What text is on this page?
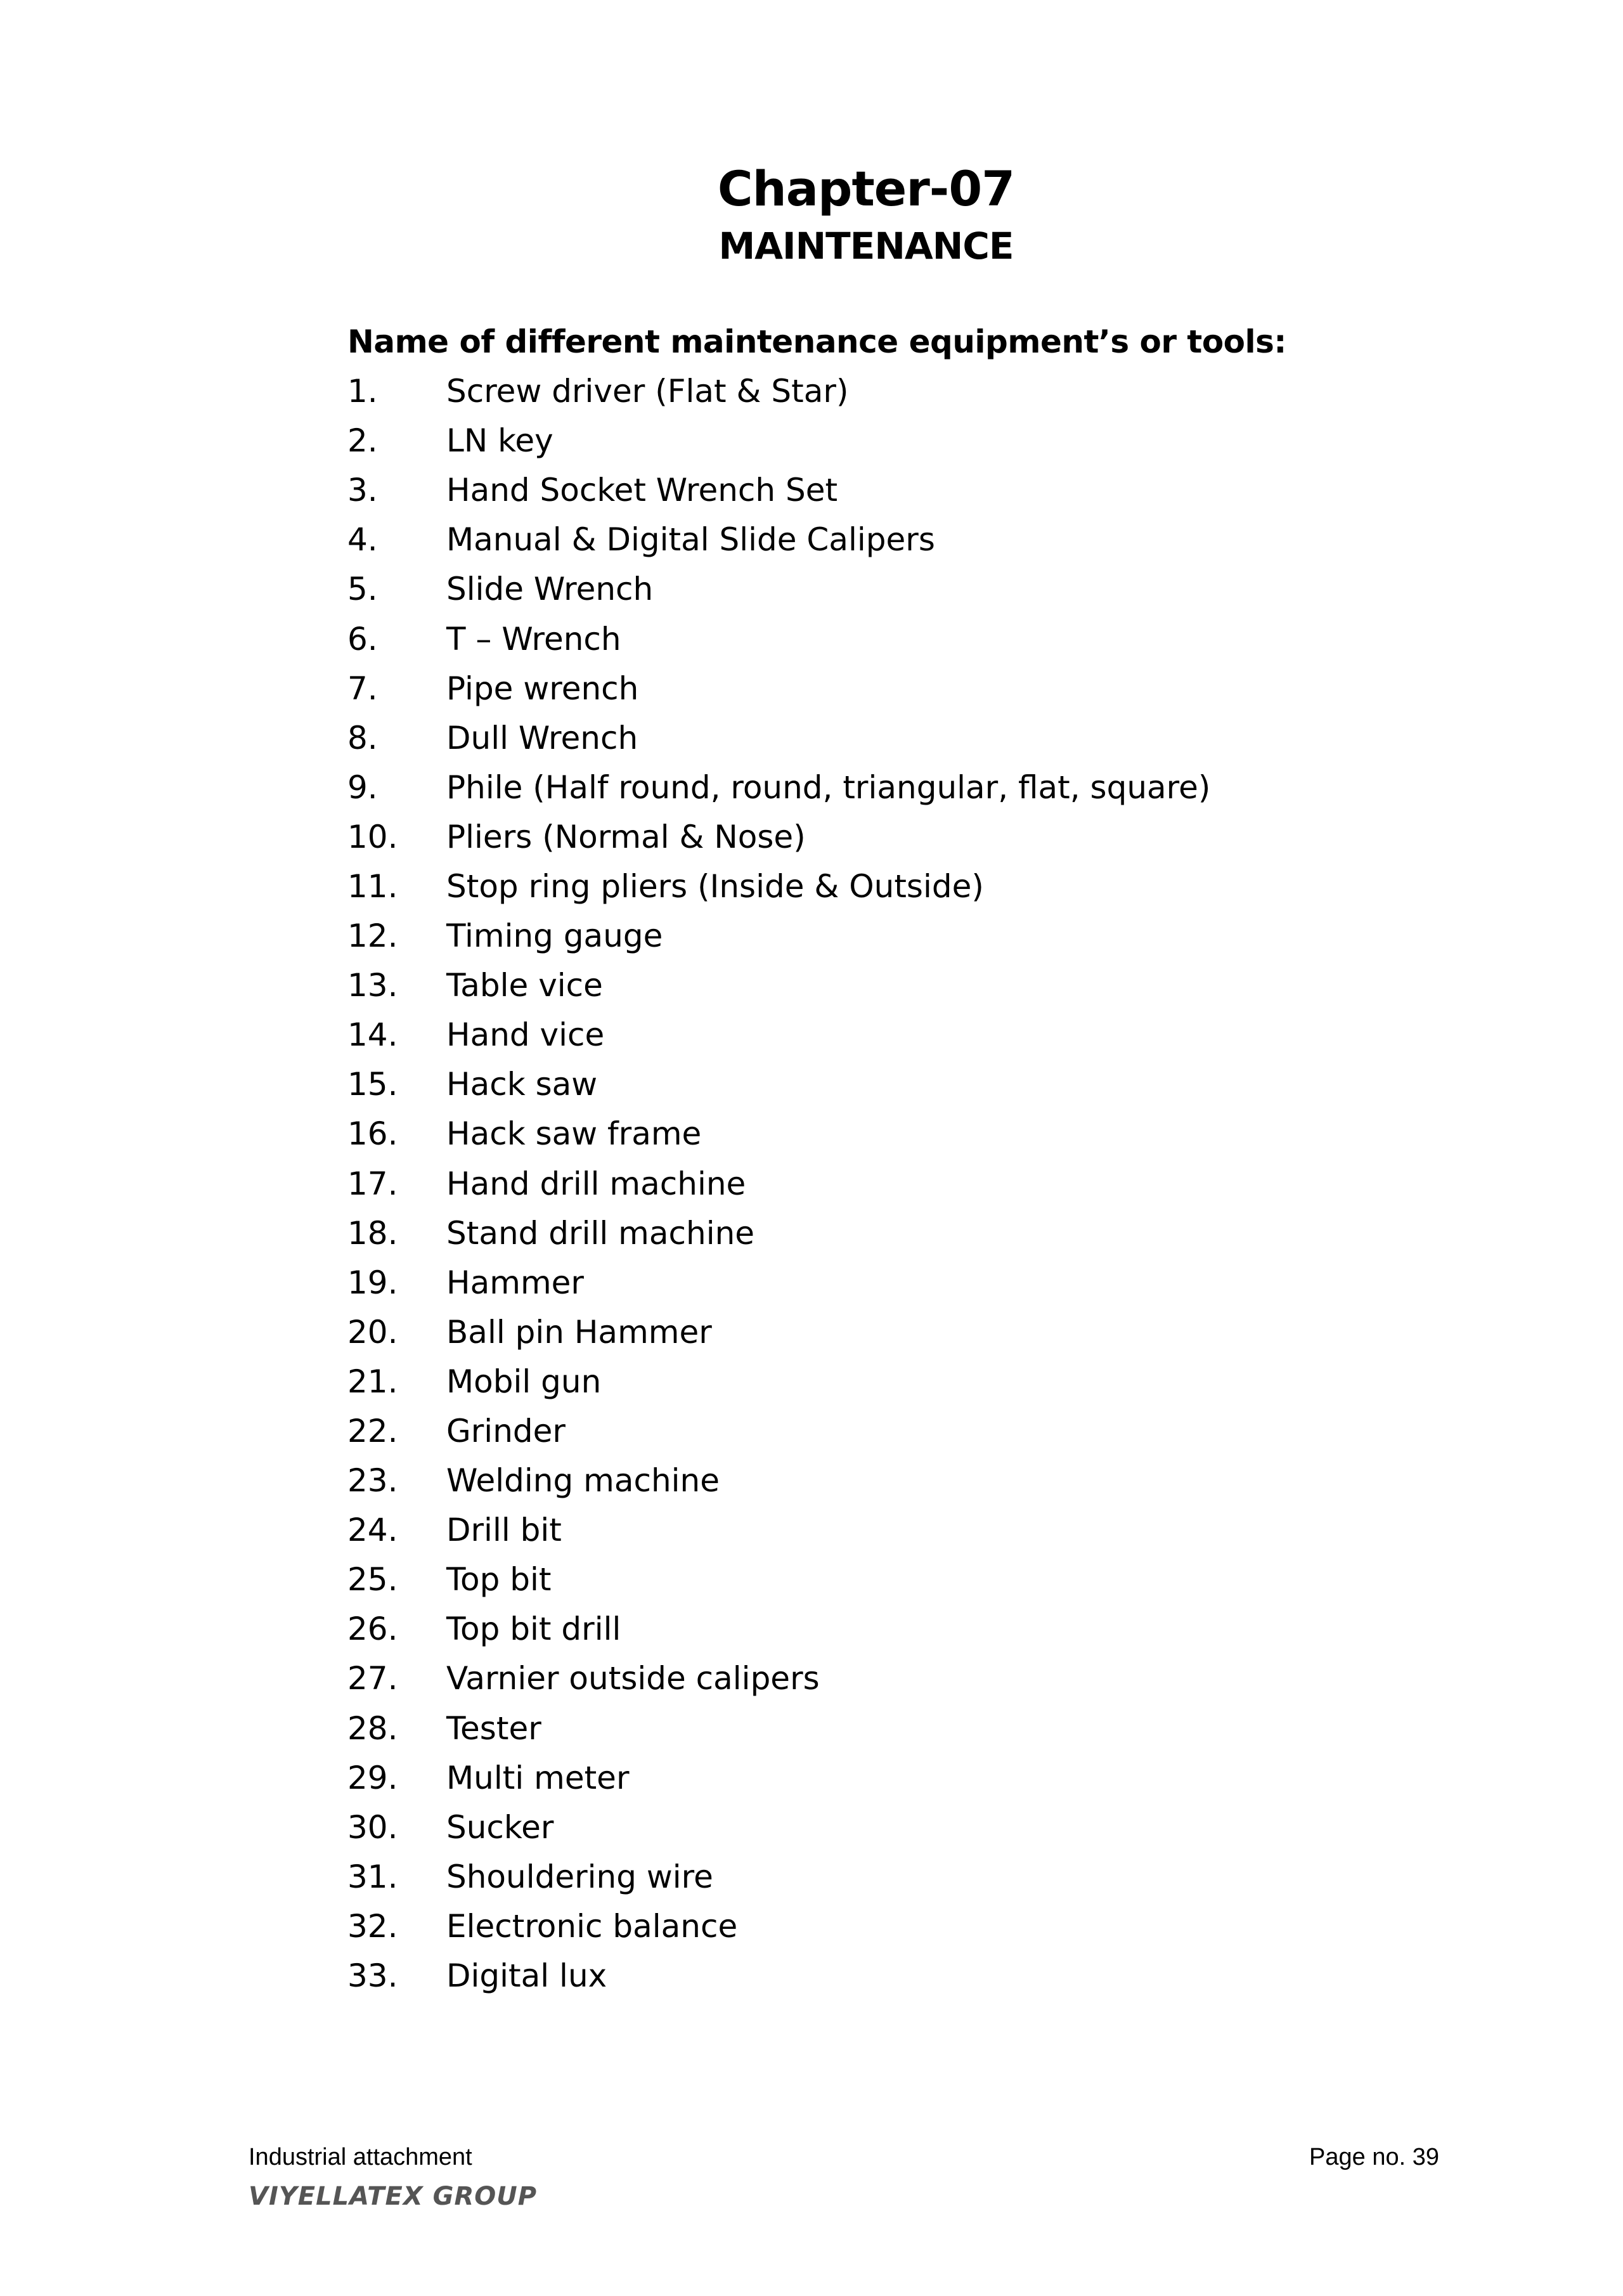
Chapter-07
MAINTENANCE
Name of different maintenance equipment’s or tools:
1.	Screw driver (Flat & Star)
2.	LN key
3.	Hand Socket Wrench Set
4.	Manual & Digital Slide Calipers
5.	Slide Wrench
6.	T – Wrench
7.	Pipe wrench
8.	Dull Wrench
9.	Phile (Half round, round, triangular, flat, square)
10.	Pliers (Normal & Nose)
11.	Stop ring pliers (Inside & Outside)
12.	Timing gauge
13.	Table vice
14.	Hand vice
15.	Hack saw
16.	Hack saw frame
17.	Hand drill machine
18.	Stand drill machine
19.	Hammer
20.	Ball pin Hammer
21.	Mobil gun
22.	Grinder
23.	Welding machine
24.	Drill bit
25.	Top bit
26.	Top bit drill
27.	Varnier outside calipers
28.	Tester
29.	Multi meter
30.	Sucker
31.	Shouldering wire
32.	Electronic balance
33.	Digital lux
Industrial attachment
VIYELLATEX GROUP
Page no. 39
